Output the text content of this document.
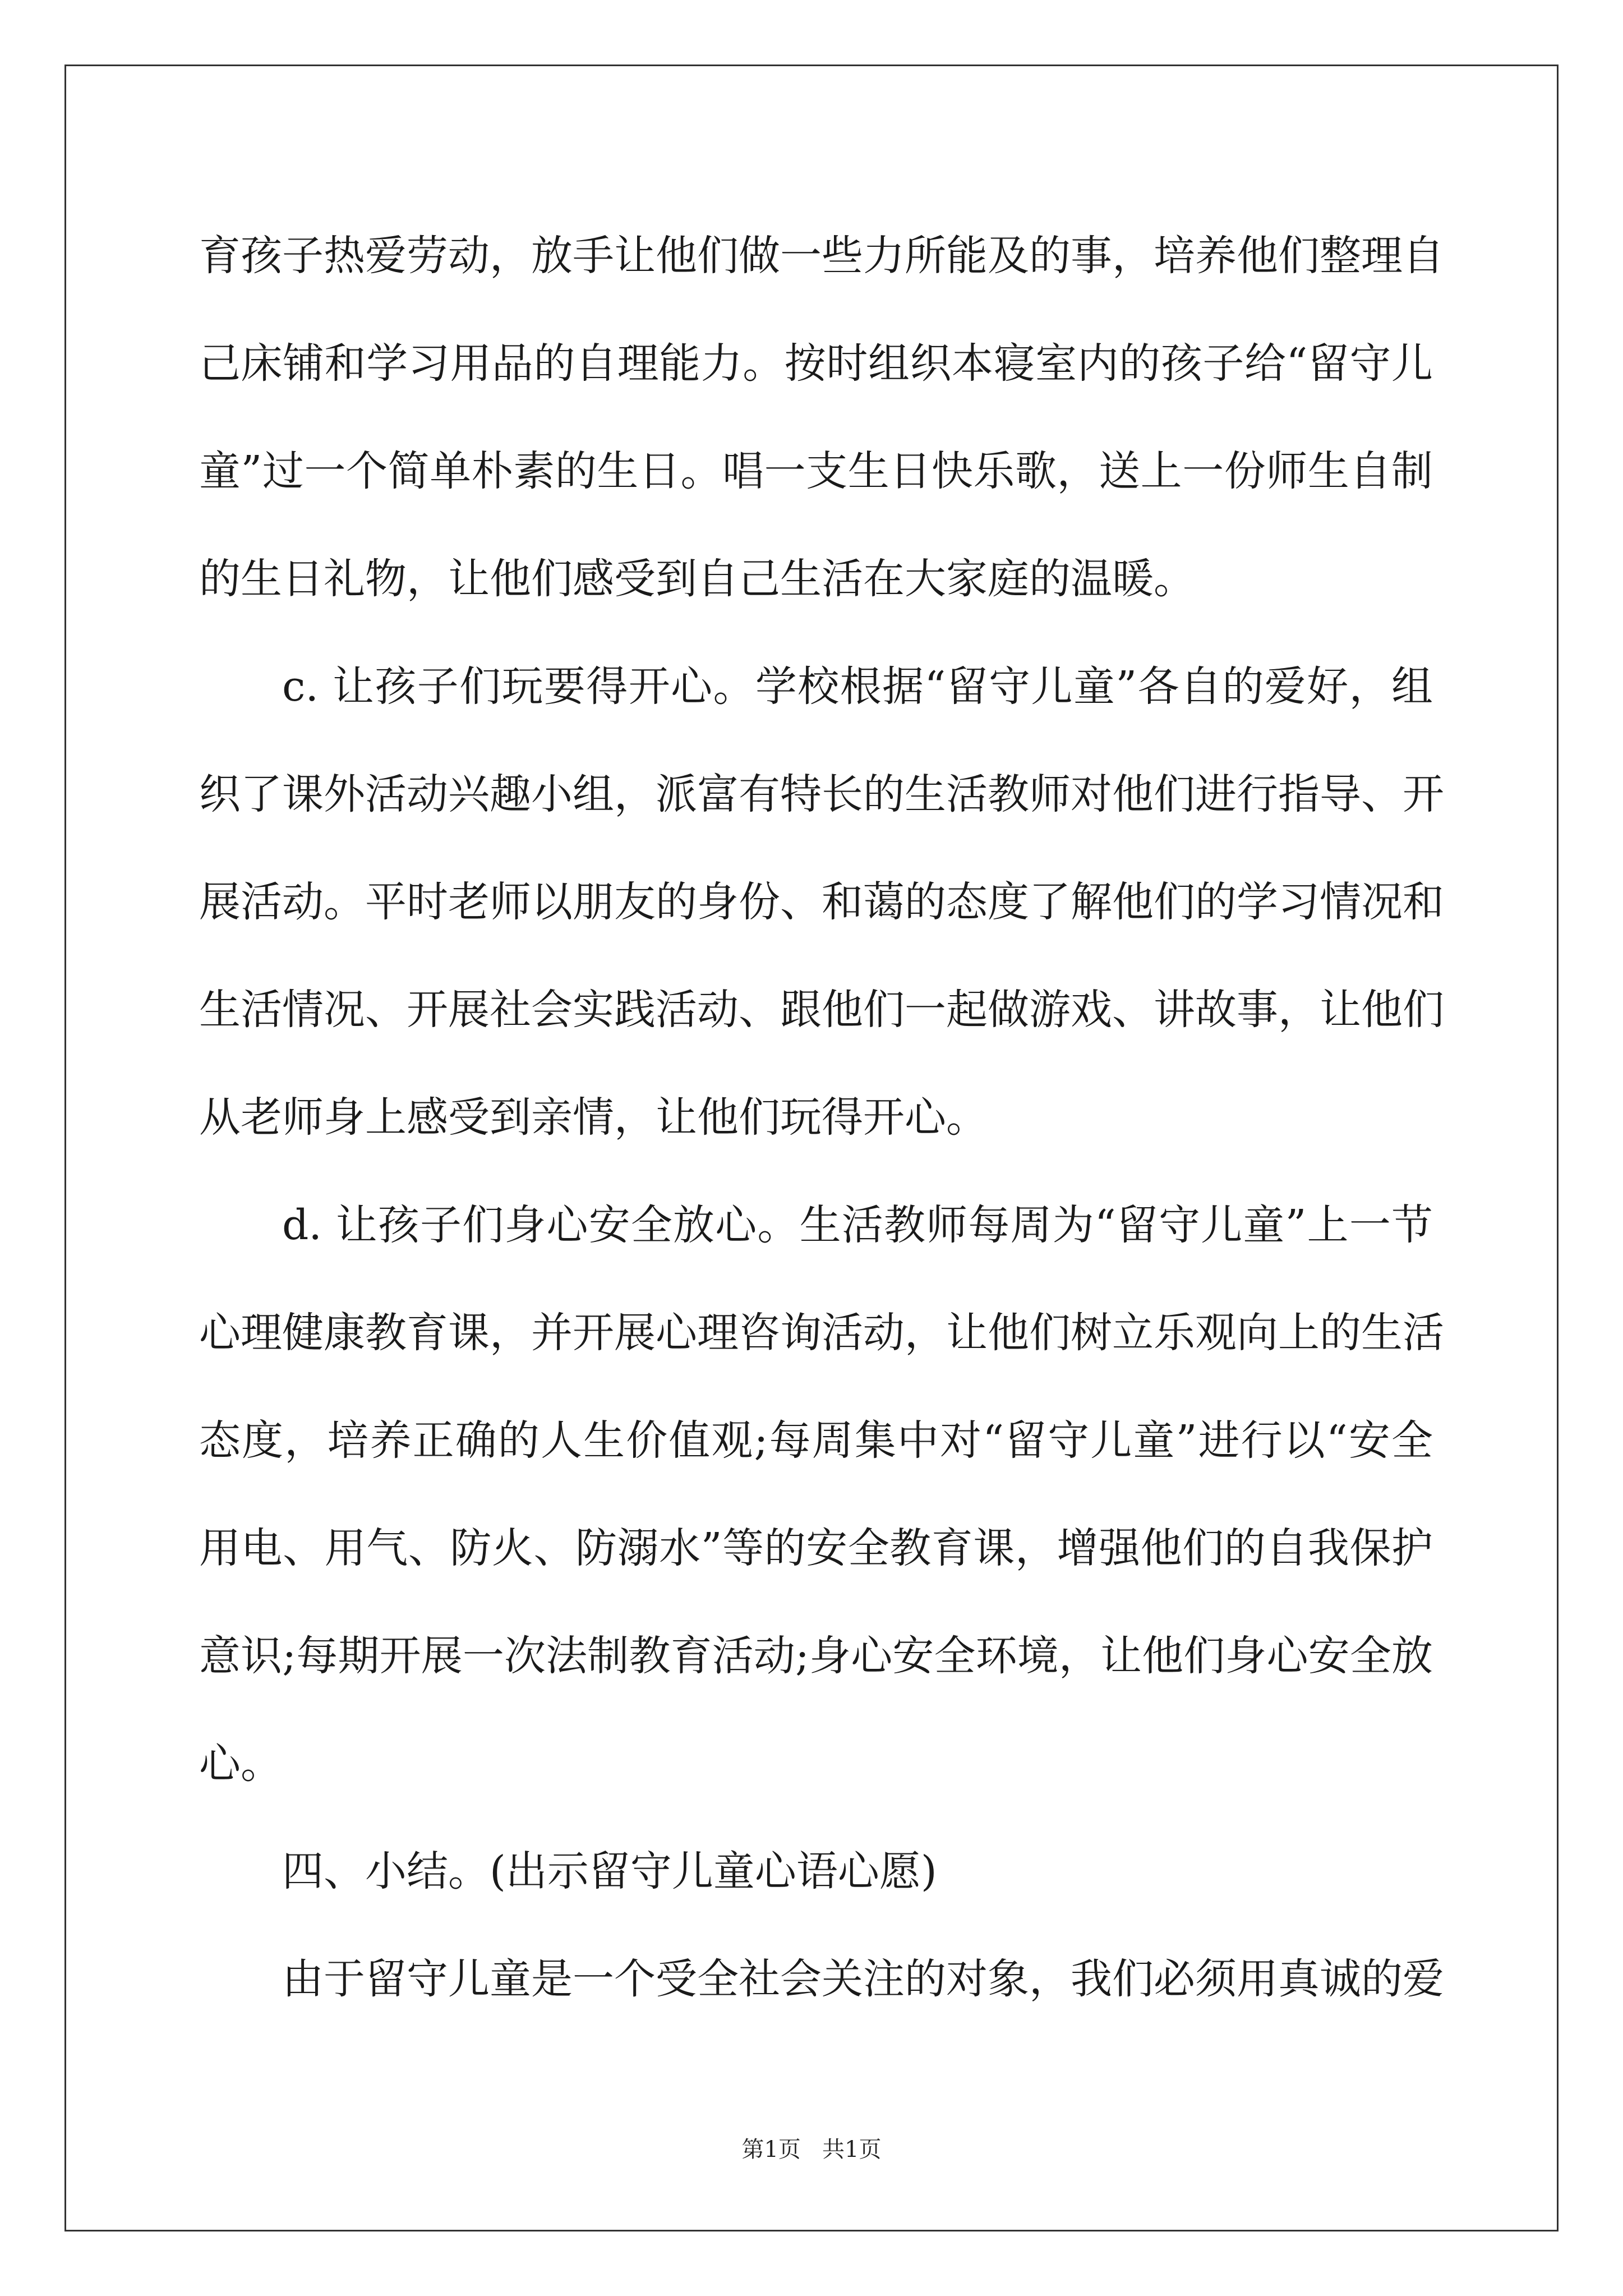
育孩子热爱劳动，放手让他们做一些力所能及的事，培养他们整理自
己床铺和学习用品的自理能力。按时组织本寝室内的孩子给“留守儿
童”过一个简单朴素的生日。唱一支生日快乐歌，送上一份师生自制
的生日礼物，让他们感受到自己生活在大家庭的温暖。
c. 让孩子们玩要得开心。学校根据“留守儿童”各自的爱好，组
织了课外活动兴趣小组，派富有特长的生活教师对他们进行指导、开
展活动。平时老师以朋友的身份、和蔼的态度了解他们的学习情况和
生活情况、开展社会实践活动、跟他们一起做游戏、讲故事，让他们
从老师身上感受到亲情，让他们玩得开心。
d. 让孩子们身心安全放心。生活教师每周为“留守儿童”上一节
心理健康教育课，并开展心理咨询活动，让他们树立乐观向上的生活
态度，培养正确的人生价值观;每周集中对“留守儿童”进行以“安全
用电、用气、防火、防溺水”等的安全教育课，增强他们的自我保护
意识;每期开展一次法制教育活动;身心安全环境，让他们身心安全放
心。
四、小结。(出示留守儿童心语心愿)
由于留守儿童是一个受全社会关注的对象，我们必须用真诚的爱
第1页   共1页
